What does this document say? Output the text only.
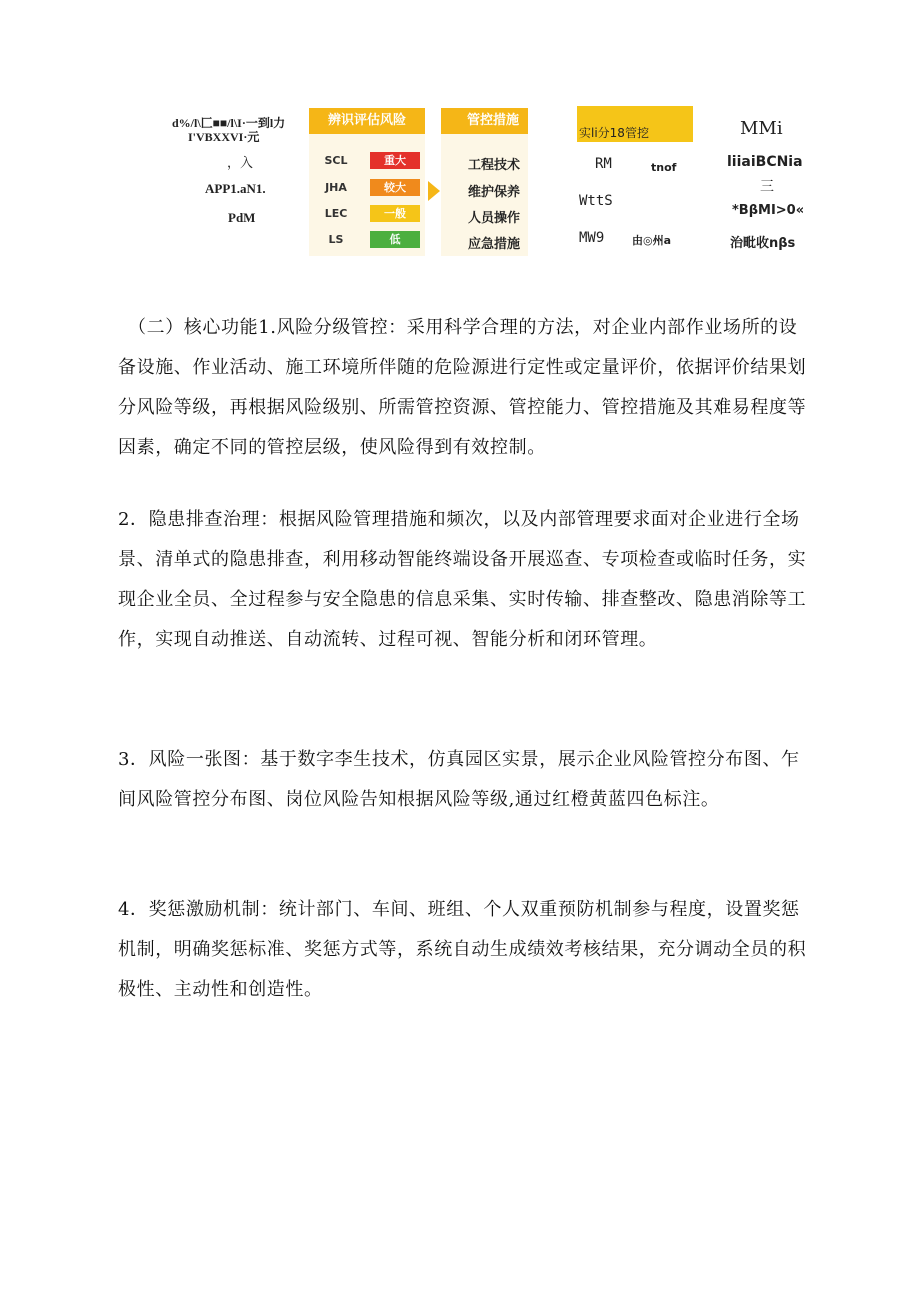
d%/l\匚■■/l\I·一到l力
I'VBXXVI·元
，入
APP1.aN1.
PdM
辨识评估风险
SCL	重大
JHA	较大
LEC	一般
LS	低
管控措施
工程技术
维护保养
人员操作
应急措施
实li分18管挖
RM	tnof
WttS
MW9	由◎州a
MMi
liiaiBCNia
三
*BβMI>0«
治毗收nβs

（二）核心功能1.风险分级管控：采用科学合理的方法，对企业内部作业场所的设备设施、作业活动、施工环境所伴随的危险源进行定性或定量评价，依据评价结果划分风险等级，再根据风险级别、所需管控资源、管控能力、管控措施及其难易程度等因素，确定不同的管控层级，使风险得到有效控制。

2．隐患排查治理：根据风险管理措施和频次，以及内部管理要求面对企业进行全场景、清单式的隐患排查，利用移动智能终端设备开展巡查、专项检查或临时任务，实现企业全员、全过程参与安全隐患的信息采集、实时传输、排查整改、隐患消除等工作，实现自动推送、自动流转、过程可视、智能分析和闭环管理。

3．风险一张图：基于数字李生技术，仿真园区实景，展示企业风险管控分布图、乍间风险管控分布图、岗位风险告知根据风险等级,通过红橙黄蓝四色标注。

4．奖惩激励机制：统计部门、车间、班组、个人双重预防机制参与程度，设置奖惩机制，明确奖惩标准、奖惩方式等，系统自动生成绩效考核结果，充分调动全员的积极性、主动性和创造性。
